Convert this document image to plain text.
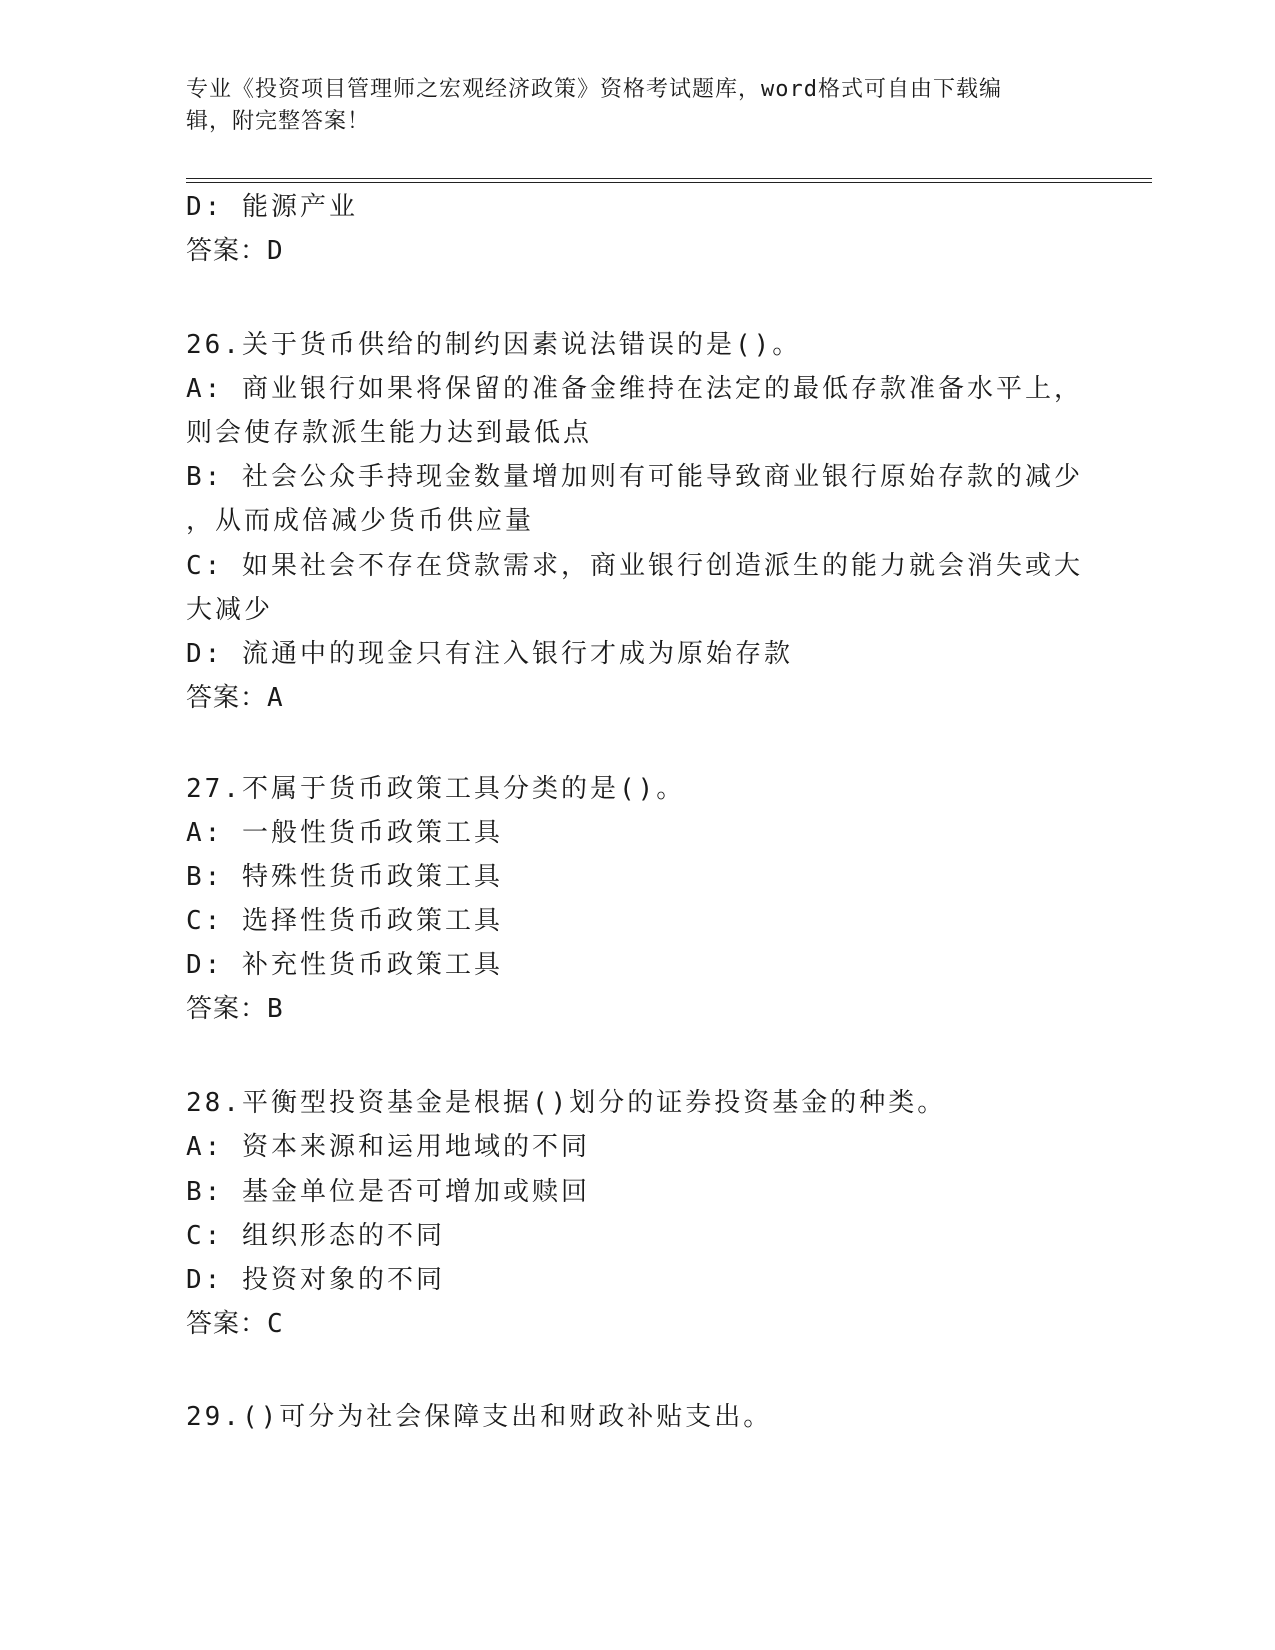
专业《投资项目管理师之宏观经济政策》资格考试题库，word格式可自由下载编
辑，附完整答案！
D: 能源产业
答案：D
26.关于货币供给的制约因素说法错误的是()。
A: 商业银行如果将保留的准备金维持在法定的最低存款准备水平上，
则会使存款派生能力达到最低点
B: 社会公众手持现金数量增加则有可能导致商业银行原始存款的减少
，从而成倍减少货币供应量
C: 如果社会不存在贷款需求，商业银行创造派生的能力就会消失或大
大减少
D: 流通中的现金只有注入银行才成为原始存款
答案：A
27.不属于货币政策工具分类的是()。
A: 一般性货币政策工具
B: 特殊性货币政策工具
C: 选择性货币政策工具
D: 补充性货币政策工具
答案：B
28.平衡型投资基金是根据()划分的证券投资基金的种类。
A: 资本来源和运用地域的不同
B: 基金单位是否可增加或赎回
C: 组织形态的不同
D: 投资对象的不同
答案：C
29.()可分为社会保障支出和财政补贴支出。
